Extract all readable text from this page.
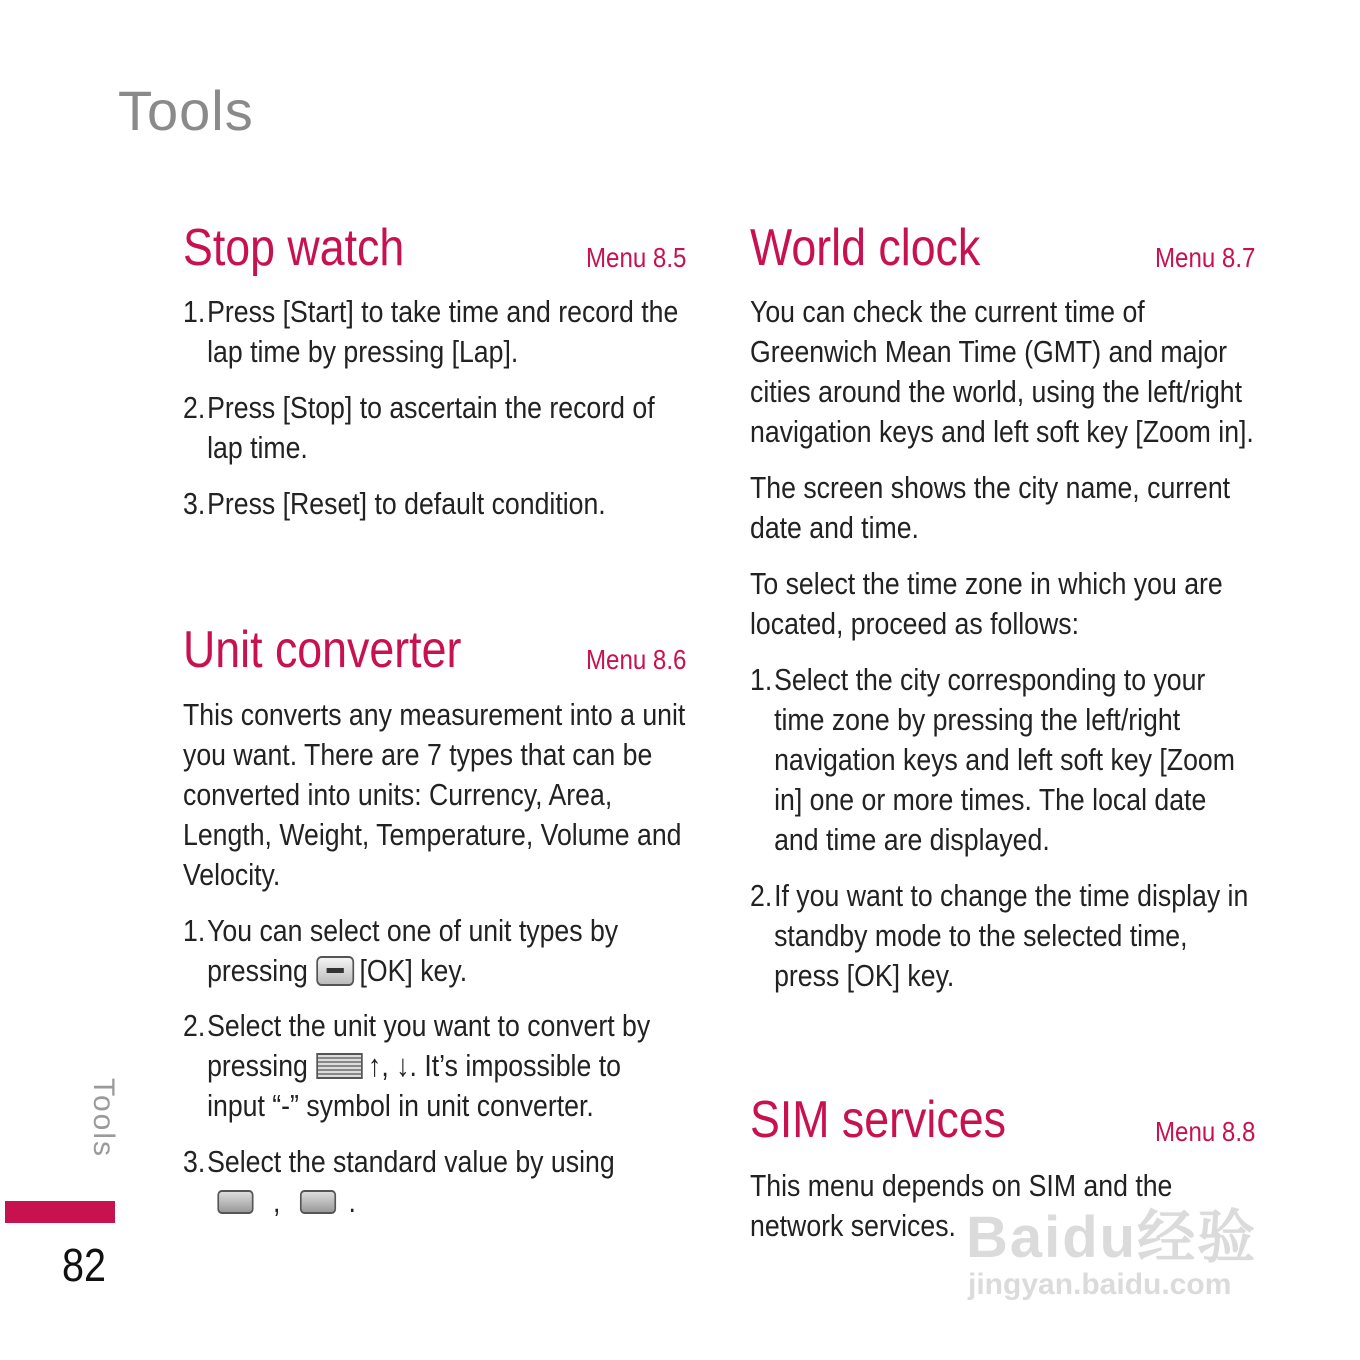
Tools
Stop watch	Menu 8.5
1.Press [Start] to take time and record the
lap time by pressing [Lap].
2.Press [Stop] to ascertain the record of
lap time.
3.Press [Reset] to default condition.
Unit converter	Menu 8.6
This converts any measurement into a unit
you want. There are 7 types that can be
converted into units: Currency, Area,
Length, Weight, Temperature, Volume and
Velocity.
1.You can select one of unit types by
pressing [OK] key.
2.Select the unit you want to convert by
pressing ↑, ↓. It’s impossible to
input “-” symbol in unit converter.
3.Select the standard value by using
, .
World clock	Menu 8.7
You can check the current time of
Greenwich Mean Time (GMT) and major
cities around the world, using the left/right
navigation keys and left soft key [Zoom in].
The screen shows the city name, current
date and time.
To select the time zone in which you are
located, proceed as follows:
1.Select the city corresponding to your
time zone by pressing the left/right
navigation keys and left soft key [Zoom
in] one or more times. The local date
and time are displayed.
2.If you want to change the time display in
standby mode to the selected time,
press [OK] key.
SIM services	Menu 8.8
This menu depends on SIM and the
network services.
Tools
82	Baidu经验
jingyan.baidu.com
